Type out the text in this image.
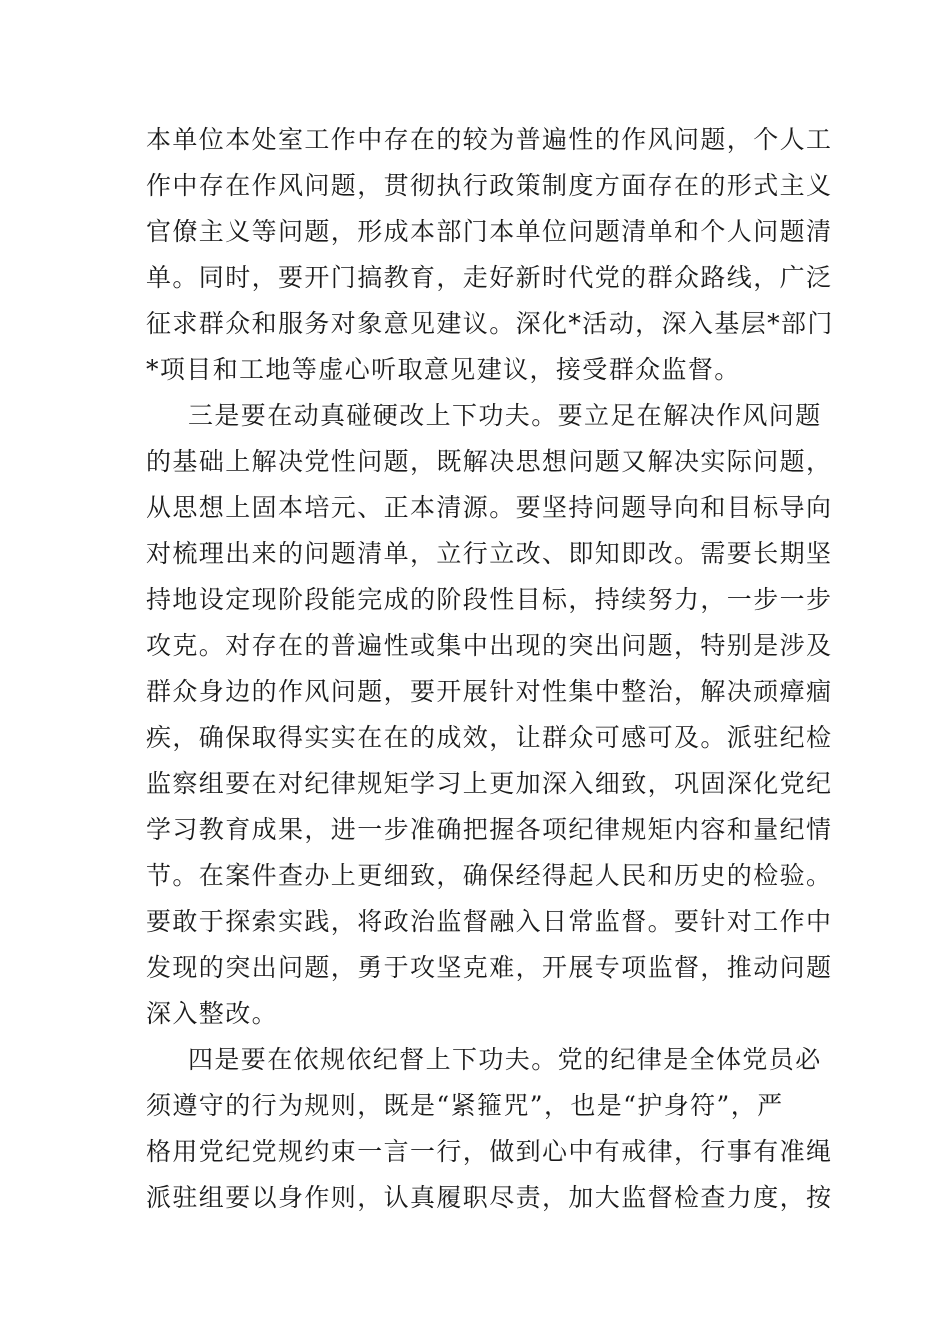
本单位本处室工作中存在的较为普遍性的作风问题，个人工
作中存在作风问题，贯彻执行政策制度方面存在的形式主义
官僚主义等问题，形成本部门本单位问题清单和个人问题清
单。同时，要开门搞教育，走好新时代党的群众路线，广泛
征求群众和服务对象意见建议。深化*活动，深入基层*部门
*项目和工地等虚心听取意见建议，接受群众监督。
三是要在动真碰硬改上下功夫。要立足在解决作风问题
的基础上解决党性问题，既解决思想问题又解决实际问题，
从思想上固本培元、正本清源。要坚持问题导向和目标导向
对梳理出来的问题清单，立行立改、即知即改。需要长期坚
持地设定现阶段能完成的阶段性目标，持续努力，一步一步
攻克。对存在的普遍性或集中出现的突出问题，特别是涉及
群众身边的作风问题，要开展针对性集中整治，解决顽瘴痼
疾，确保取得实实在在的成效，让群众可感可及。派驻纪检
监察组要在对纪律规矩学习上更加深入细致，巩固深化党纪
学习教育成果，进一步准确把握各项纪律规矩内容和量纪情
节。在案件查办上更细致，确保经得起人民和历史的检验。
要敢于探索实践，将政治监督融入日常监督。要针对工作中
发现的突出问题，勇于攻坚克难，开展专项监督，推动问题
深入整改。
四是要在依规依纪督上下功夫。党的纪律是全体党员必
须遵守的行为规则，既是“紧箍咒”，也是“护身符”，严
格用党纪党规约束一言一行，做到心中有戒律，行事有准绳
派驻组要以身作则，认真履职尽责，加大监督检查力度，按
